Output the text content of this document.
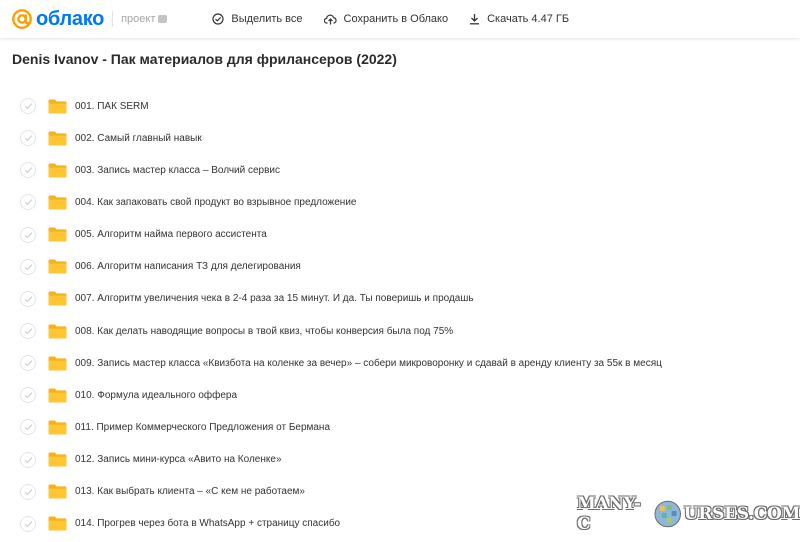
облако проект	Выделить все	Сохранить в Облако	Скачать 4.47 ГБ
Denis Ivanov - Пак материалов для фрилансеров (2022)
001. ПАК SERM
002. Самый главный навык
003. Запись мастер класса – Волчий сервис
004. Как запаковать свой продукт во взрывное предложение
005. Алгоритм найма первого ассистента
006. Алгоритм написания ТЗ для делегирования
007. Алгоритм увеличения чека в 2-4 раза за 15 минут. И да. Ты поверишь и продашь
008. Как делать наводящие вопросы в твой квиз, чтобы конверсия была под 75%
009. Запись мастер класса «Квизбота на коленке за вечер» – собери микроворонку и сдавай в аренду клиенту за 55к в месяц
010. Формула идеального оффера
011. Пример Коммерческого Предложения от Бермана
012. Запись мини-курса «Авито на Коленке»
013. Как выбрать клиента – «С кем не работаем»
014. Прогрев через бота в WhatsApp + страницу спасибо
MANY-C	URSES.COM
